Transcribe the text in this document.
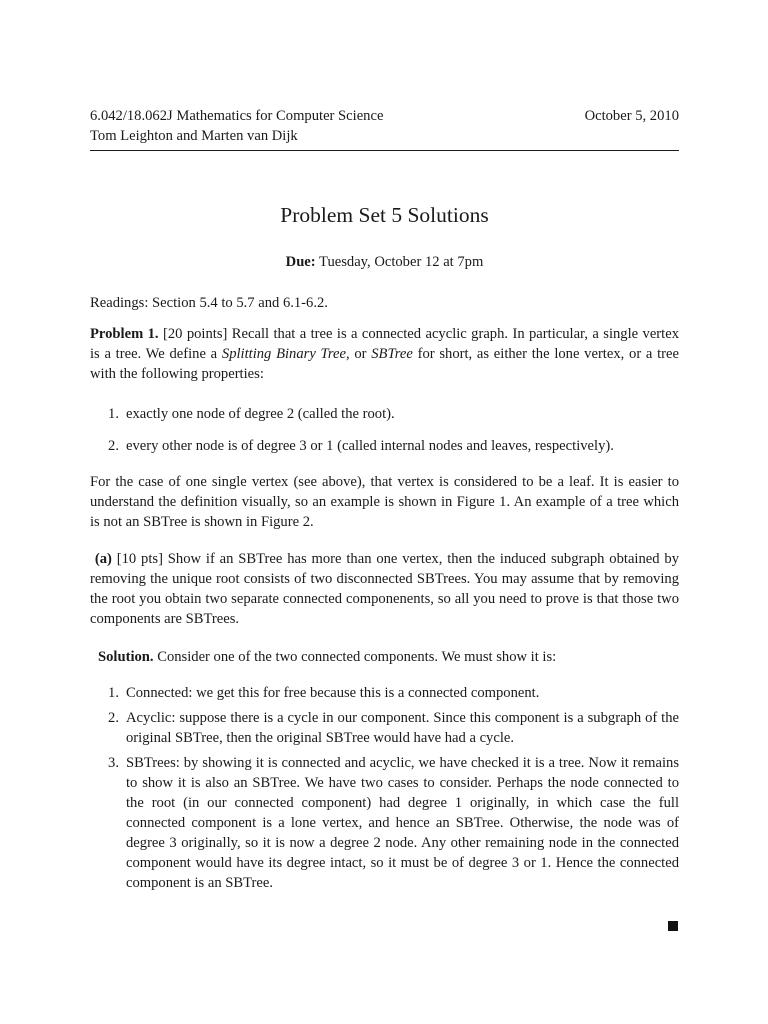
6.042/18.062J Mathematics for Computer Science	October 5, 2010
Tom Leighton and Marten van Dijk
Problem Set 5 Solutions
Due: Tuesday, October 12 at 7pm

Readings: Section 5.4 to 5.7 and 6.1-6.2.

Problem 1. [20 points] Recall that a tree is a connected acyclic graph. In particular, a single vertex is a tree. We define a Splitting Binary Tree, or SBTree for short, as either the lone vertex, or a tree with the following properties:

1. exactly one node of degree 2 (called the root).
2. every other node is of degree 3 or 1 (called internal nodes and leaves, respectively).

For the case of one single vertex (see above), that vertex is considered to be a leaf. It is easier to understand the definition visually, so an example is shown in Figure 1. An example of a tree which is not an SBTree is shown in Figure 2.

(a) [10 pts] Show if an SBTree has more than one vertex, then the induced subgraph obtained by removing the unique root consists of two disconnected SBTrees. You may assume that by removing the root you obtain two separate connected componenents, so all you need to prove is that those two components are SBTrees.

Solution. Consider one of the two connected components. We must show it is:

1. Connected: we get this for free because this is a connected component.
2. Acyclic: suppose there is a cycle in our component. Since this component is a subgraph of the original SBTree, then the original SBTree would have had a cycle.
3. SBTrees: by showing it is connected and acyclic, we have checked it is a tree. Now it remains to show it is also an SBTree. We have two cases to consider. Perhaps the node connected to the root (in our connected component) had degree 1 originally, in which case the full connected component is a lone vertex, and hence an SBTree. Otherwise, the node was of degree 3 originally, so it is now a degree 2 node. Any other remaining node in the connected component would have its degree intact, so it must be of degree 3 or 1. Hence the connected component is an SBTree.
